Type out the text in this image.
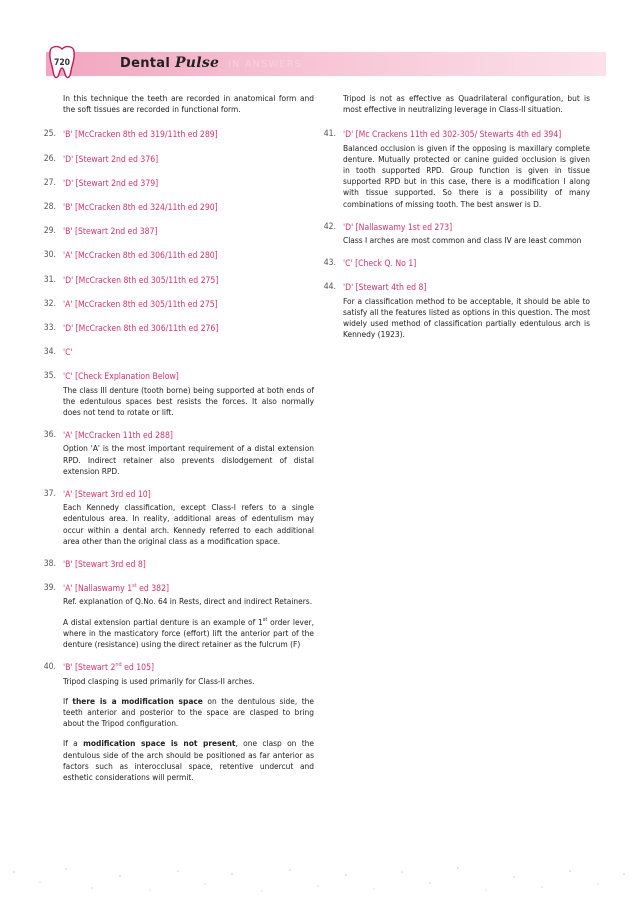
720	Dental Pulse IN ANSWERS
In this technique the teeth are recorded in anatomical form and the soft tissues are recorded in functional form.
25. 'B' [McCracken 8th ed 319/11th ed 289]
26. 'D' [Stewart 2nd ed 376]
27. 'D' [Stewart 2nd ed 379]
28. 'B' [McCracken 8th ed 324/11th ed 290]
29. 'B' [Stewart 2nd ed 387]
30. 'A' [McCracken 8th ed 306/11th ed 280]
31. 'D' [McCracken 8th ed 305/11th ed 275]
32. 'A' [McCracken 8th ed 305/11th ed 275]
33. 'D' [McCracken 8th ed 306/11th ed 276]
34. 'C'
35. 'C' [Check Explanation Below]
The class III denture (tooth borne) being supported at both ends of the edentulous spaces best resists the forces. It also normally does not tend to rotate or lift.
36. 'A' [McCracken 11th ed 288]
Option 'A' is the most important requirement of a distal extension RPD. Indirect retainer also prevents dislodgement of distal extension RPD.
37. 'A' [Stewart 3rd ed 10]
Each Kennedy classification, except Class-I refers to a single edentulous area. In reality, additional areas of edentulism may occur within a dental arch. Kennedy referred to each additional area other than the original class as a modification space.
38. 'B' [Stewart 3rd ed 8]
39. 'A' [Nallaswamy 1st ed 382]

Ref. explanation of Q.No. 64 in Rests, direct and indirect Retainers.

A distal extension partial denture is an example of 1st order lever, where in the masticatory force (effort) lift the anterior part of the denture (resistance) using the direct retainer as the fulcrum (F)

40. 'B' [Stewart 2nd ed 105]

Tripod clasping is used primarily for Class-II arches.

If there is a modification space on the dentulous side, the teeth anterior and posterior to the space are clasped to bring about the Tripod configuration.

If a modification space is not present, one clasp on the dentulous side of the arch should be positioned as far anterior as factors such as interocclusal space, retentive undercut and esthetic considerations will permit.

Tripod is not as effective as Quadrilateral configuration, but is most effective in neutralizing leverage in Class-II situation.
41. 'D' [Mc Crackens 11th ed 302-305/ Stewarts 4th ed 394]
Balanced occlusion is given if the opposing is maxillary complete denture. Mutually protected or canine guided occlusion is given in tooth supported RPD. Group function is given in tissue supported RPD but in this case, there is a modification I along with tissue supported. So there is a possibility of many combinations of missing tooth. The best answer is D.
42. 'D' [Nallaswamy 1st ed 273]
Class I arches are most common and class IV are least common
43. 'C' [Check Q. No 1]
44. 'D' [Stewart 4th ed 8]
For a classification method to be acceptable, it should be able to satisfy all the features listed as options in this question. The most widely used method of classification partially edentulous arch is Kennedy (1923).
